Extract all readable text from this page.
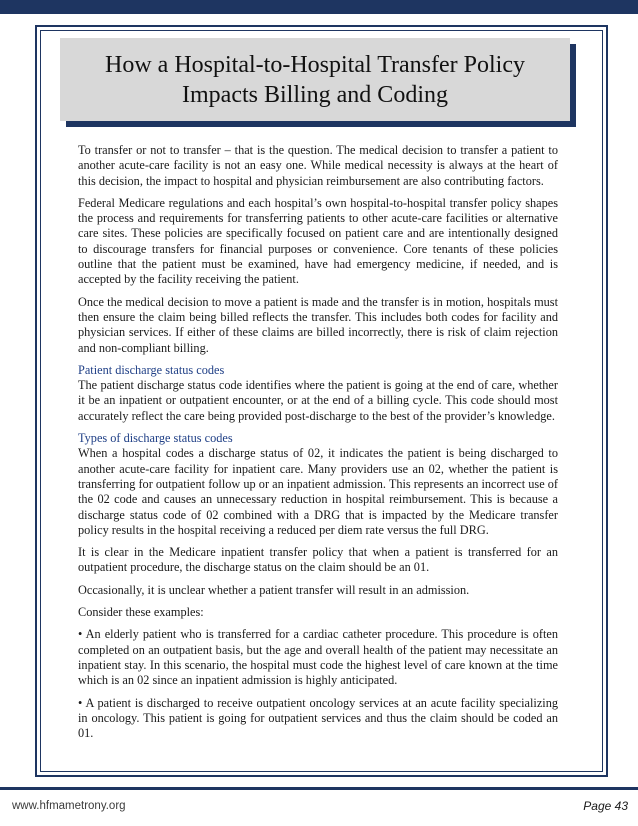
How a Hospital-to-Hospital Transfer Policy
Impacts Billing and Coding

To transfer or not to transfer – that is the question. The medical decision to transfer a patient to another acute-care facility is not an easy one. While medical necessity is always at the heart of this decision, the impact to hospital and physician reimbursement are also contributing factors.

Federal Medicare regulations and each hospital’s own hospital-to-hospital transfer policy shapes the process and requirements for transferring patients to other acute-care facilities or alternative care sites. These policies are specifically focused on patient care and are intentionally designed to discourage transfers for financial purposes or convenience. Core tenants of these policies outline that the patient must be examined, have had emergency medicine, if needed, and is accepted by the facility receiving the patient.

Once the medical decision to move a patient is made and the transfer is in motion, hospitals must then ensure the claim being billed reflects the transfer. This includes both codes for facility and physician services. If either of these claims are billed incorrectly, there is risk of claim rejection and non-compliant billing.

Patient discharge status codes

The patient discharge status code identifies where the patient is going at the end of care, whether it be an inpatient or outpatient encounter, or at the end of a billing cycle. This code should most accurately reflect the care being provided post-discharge to the best of the provider’s knowledge.

Types of discharge status codes

When a hospital codes a discharge status of 02, it indicates the patient is being discharged to another acute-care facility for inpatient care. Many providers use an 02, whether the patient is transferring for outpatient follow up or an inpatient admission. This represents an incorrect use of the 02 code and causes an unnecessary reduction in hospital reimbursement. This is because a discharge status code of 02 combined with a DRG that is impacted by the Medicare transfer policy results in the hospital receiving a reduced per diem rate versus the full DRG.

It is clear in the Medicare inpatient transfer policy that when a patient is transferred for an outpatient procedure, the discharge status on the claim should be an 01.

Occasionally, it is unclear whether a patient transfer will result in an admission.

Consider these examples:

• An elderly patient who is transferred for a cardiac catheter procedure. This procedure is often completed on an outpatient basis, but the age and overall health of the patient may necessitate an inpatient stay. In this scenario, the hospital must code the highest level of care known at the time which is an 02 since an inpatient admission is highly anticipated.

• A patient is discharged to receive outpatient oncology services at an acute facility specializing in oncology. This patient is going for outpatient services and thus the claim should be coded an 01.

www.hfmametrony.org	Page 43
